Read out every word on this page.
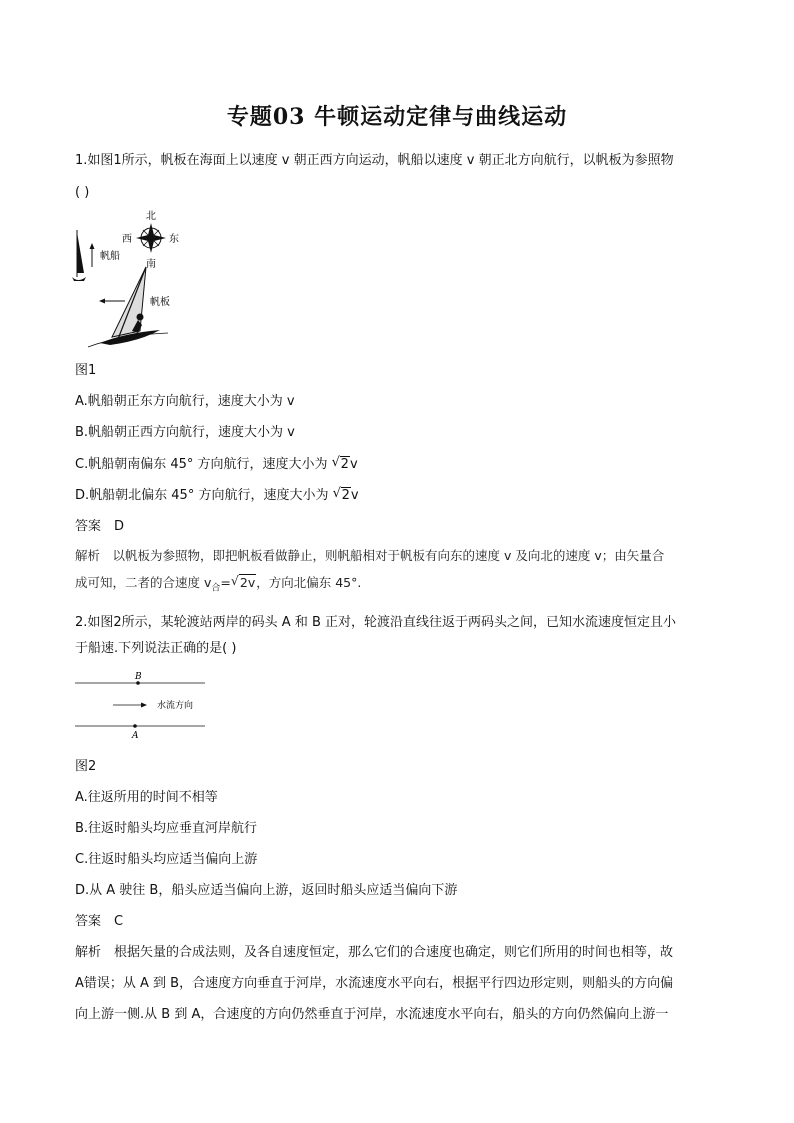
专题03 牛顿运动定律与曲线运动
1.如图1所示，帆板在海面上以速度 v 朝正西方向运动，帆船以速度 v 朝正北方向航行，以帆板为参照物
( )
北
南
西	东
帆船
帆板
图1
A.帆船朝正东方向航行，速度大小为 v
B.帆船朝正西方向航行，速度大小为 v
C.帆船朝南偏东 45° 方向航行，速度大小为 √ 2v
D.帆船朝北偏东 45° 方向航行，速度大小为 √ 2v
答案　D
解析　以帆板为参照物，即把帆板看做静止，则帆船相对于帆板有向东的速度 v 及向北的速度 v；由矢量合
成可知，二者的合速度 $v_合=√$ 2v，方向北偏东 45°.
2.如图2所示，某轮渡站两岸的码头 A 和 B 正对，轮渡沿直线往返于两码头之间，已知水流速度恒定且小
于船速.下列说法正确的是( )
B
水流方向
A
图2
A.往返所用的时间不相等
B.往返时船头均应垂直河岸航行
C.往返时船头均应适当偏向上游
D.从 A 驶往 B，船头应适当偏向上游，返回时船头应适当偏向下游
答案　C
解析　根据矢量的合成法则，及各自速度恒定，那么它们的合速度也确定，则它们所用的时间也相等，故
A错误；从 A 到 B，合速度方向垂直于河岸，水流速度水平向右，根据平行四边形定则，则船头的方向偏
向上游一侧.从 B 到 A，合速度的方向仍然垂直于河岸，水流速度水平向右，船头的方向仍然偏向上游一
